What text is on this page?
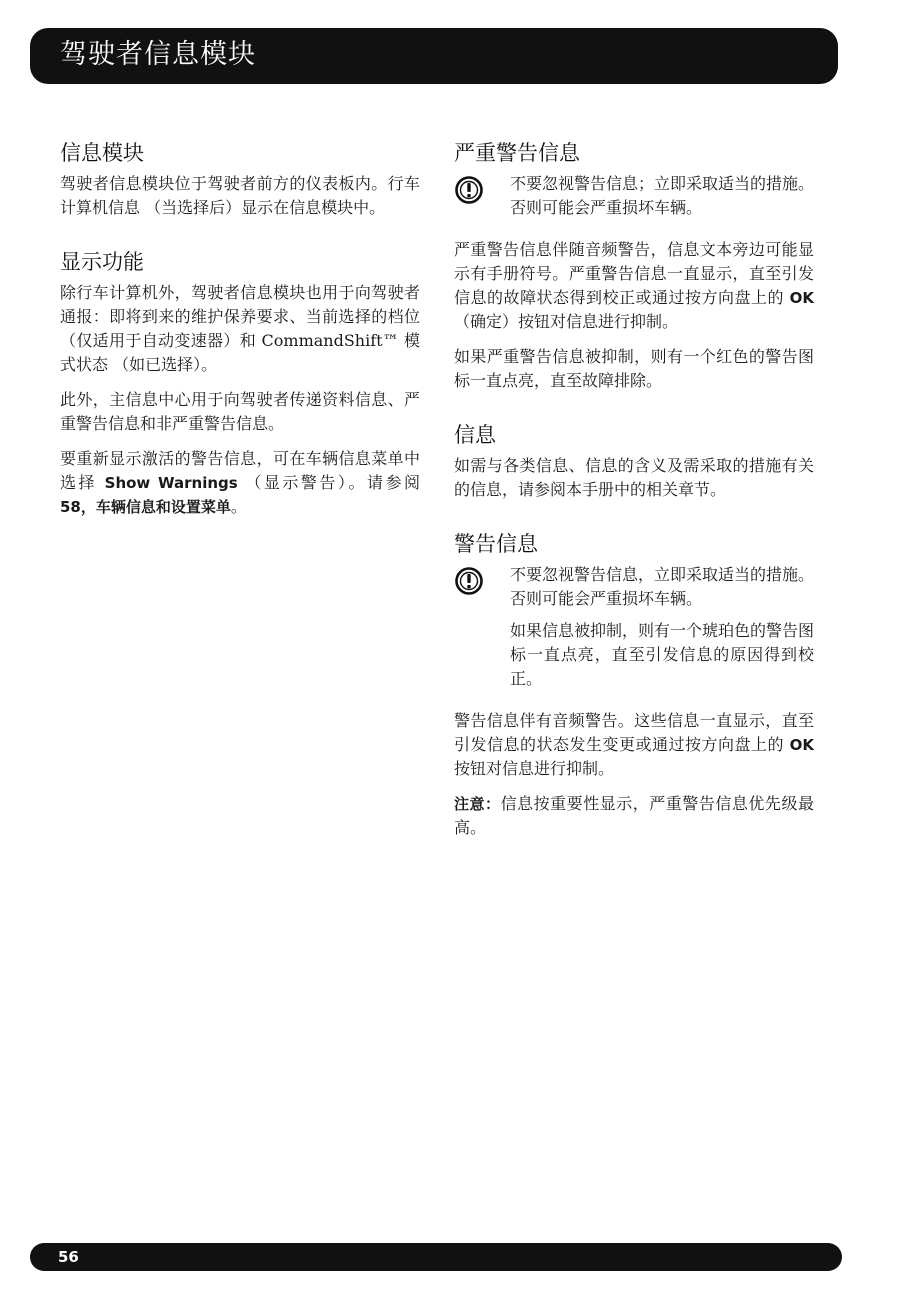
驾驶者信息模块
信息模块

驾驶者信息模块位于驾驶者前方的仪表板内。行车计算机信息 （当选择后）显示在信息模块中。

显示功能

除行车计算机外，驾驶者信息模块也用于向驾驶者通报：即将到来的维护保养要求、当前选择的档位 （仅适用于自动变速器）和 CommandShift™ 模式状态 （如已选择）。

此外，主信息中心用于向驾驶者传递资料信息、严重警告信息和非严重警告信息。

要重新显示激活的警告信息，可在车辆信息菜单中选择 Show Warnings （显示警告）。请参阅 58，车辆信息和设置菜单。

严重警告信息

不要忽视警告信息；立即采取适当的措施。否则可能会严重损坏车辆。

严重警告信息伴随音频警告，信息文本旁边可能显示有手册符号。严重警告信息一直显示，直至引发信息的故障状态得到校正或通过按方向盘上的 OK （确定）按钮对信息进行抑制。

如果严重警告信息被抑制，则有一个红色的警告图标一直点亮，直至故障排除。

信息

如需与各类信息、信息的含义及需采取的措施有关的信息，请参阅本手册中的相关章节。

警告信息

不要忽视警告信息，立即采取适当的措施。否则可能会严重损坏车辆。

如果信息被抑制，则有一个琥珀色的警告图标一直点亮，直至引发信息的原因得到校正。

警告信息伴有音频警告。这些信息一直显示，直至引发信息的状态发生变更或通过按方向盘上的 OK 按钮对信息进行抑制。

注意：信息按重要性显示，严重警告信息优先级最高。

56
